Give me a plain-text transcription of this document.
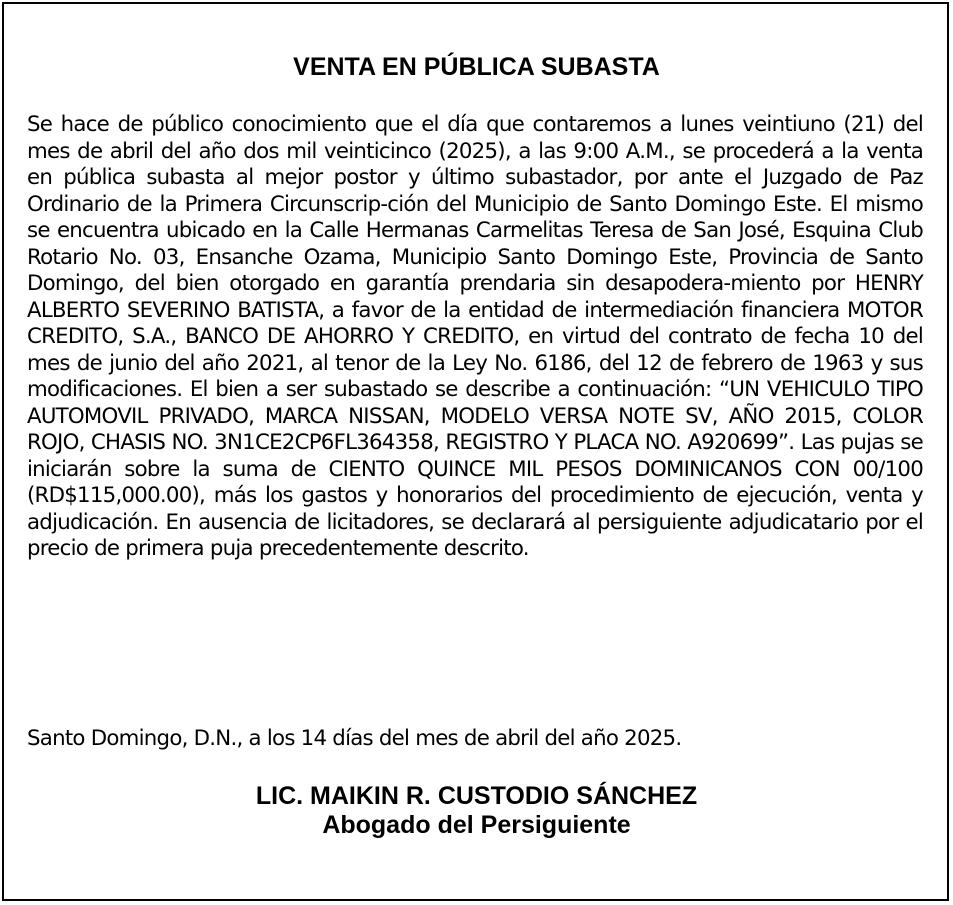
VENTA EN PÚBLICA SUBASTA
Se hace de público conocimiento que el día que contaremos a lunes veintiuno (21) del mes de abril del año dos mil veinticinco (2025), a las 9:00 A.M., se procederá a la venta en pública subasta al mejor postor y último subastador, por ante el Juzgado de Paz Ordinario de la Primera Circunscrip-ción del Municipio de Santo Domingo Este. El mismo se encuentra ubicado en la Calle Hermanas Carmelitas Teresa de San José, Esquina Club Rotario No. 03, Ensanche Ozama, Municipio Santo Domingo Este, Provincia de Santo Domingo, del bien otorgado en garantía prendaria sin desapodera-miento por HENRY ALBERTO SEVERINO BATISTA, a favor de la entidad de intermediación financiera MOTOR CREDITO, S.A., BANCO DE AHORRO Y CREDITO, en virtud del contrato de fecha 10 del mes de junio del año 2021, al tenor de la Ley No. 6186, del 12 de febrero de 1963 y sus modificaciones. El bien a ser subastado se describe a continuación: “UN VEHICULO TIPO AUTOMOVIL PRIVADO, MARCA NISSAN, MODELO VERSA NOTE SV, AÑO 2015, COLOR ROJO, CHASIS NO. 3N1CE2CP6FL364358, REGISTRO Y PLACA NO. A920699”. Las pujas se iniciarán sobre la suma de CIENTO QUINCE MIL PESOS DOMINICANOS CON 00/100 (RD$115,000.00), más los gastos y honorarios del procedimiento de ejecución, venta y adjudicación. En ausencia de licitadores, se declarará al persiguiente adjudicatario por el precio de primera puja precedentemente descrito.
Santo Domingo, D.N., a los 14 días del mes de abril del año 2025.
LIC. MAIKIN R. CUSTODIO SÁNCHEZ
Abogado del Persiguiente
